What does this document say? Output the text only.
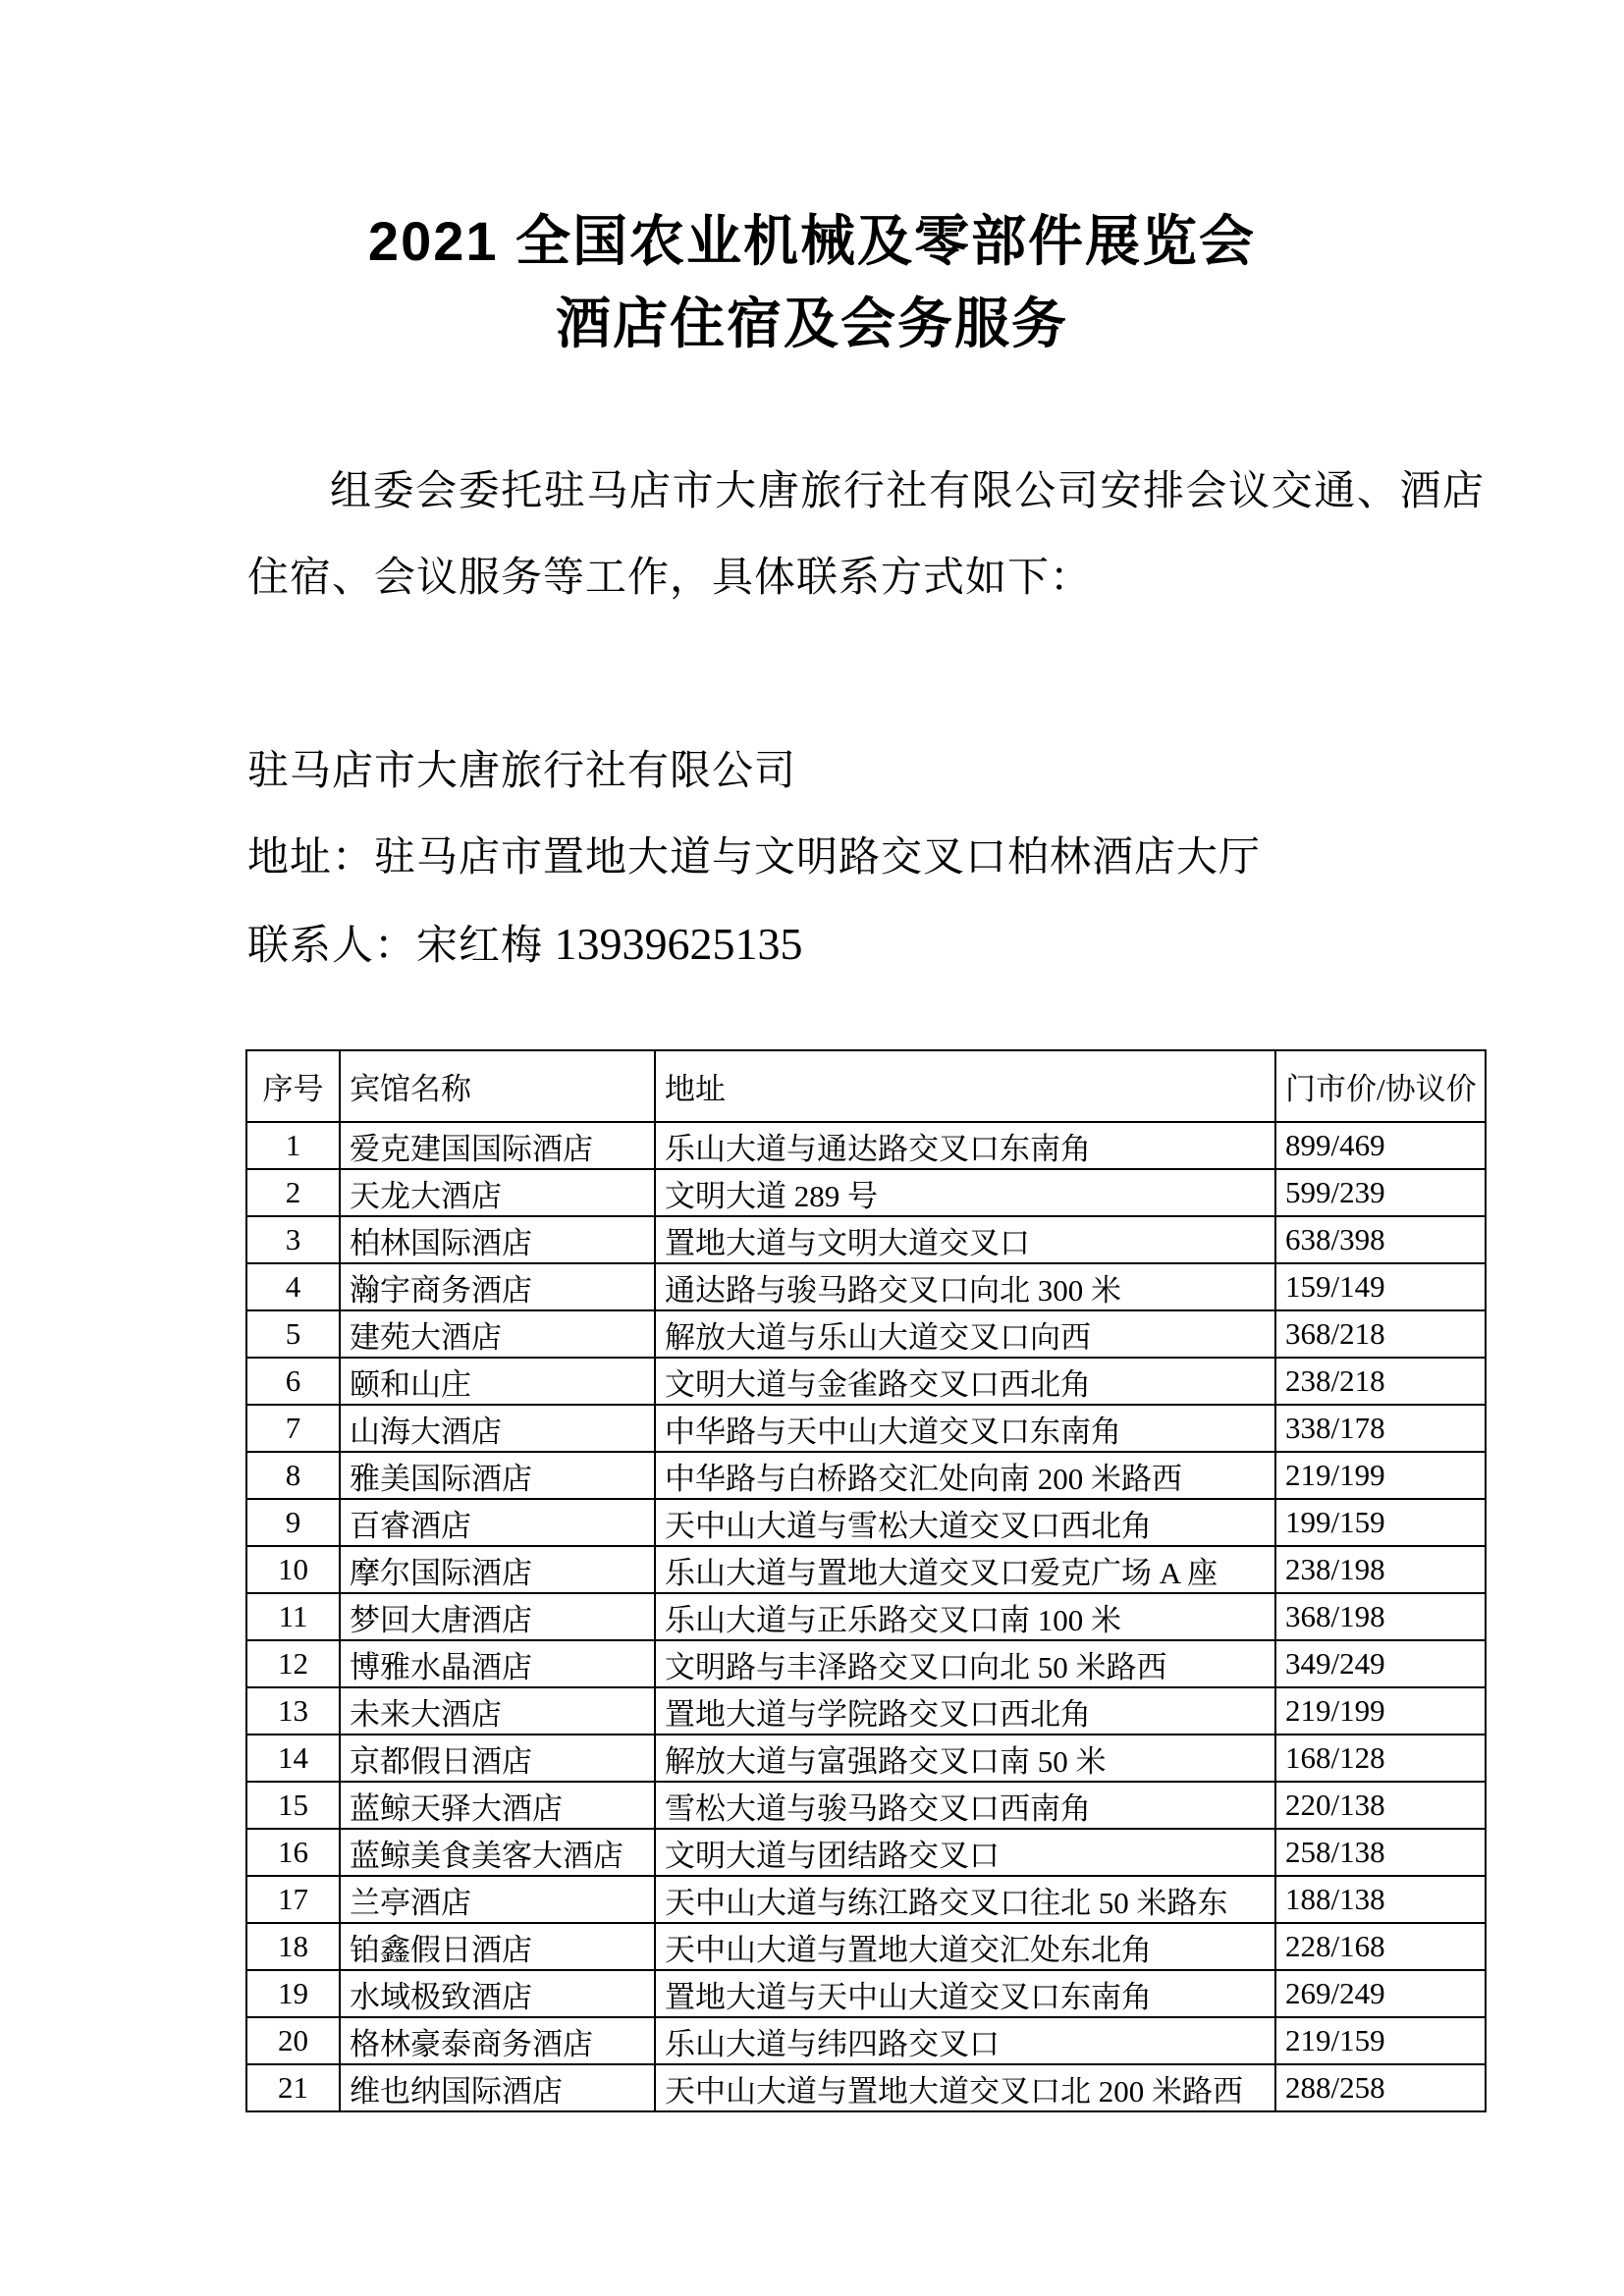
2021 全国农业机械及零部件展览会
酒店住宿及会务服务

组委会委托驻马店市大唐旅行社有限公司安排会议交通、酒店住宿、会议服务等工作，具体联系方式如下：

驻马店市大唐旅行社有限公司

地址：驻马店市置地大道与文明路交叉口柏林酒店大厅

联系人：宋红梅 13939625135

序号	宾馆名称	地址	门市价/协议价
1	爱克建国国际酒店	乐山大道与通达路交叉口东南角	899/469
2	天龙大酒店	文明大道 289 号	599/239
3	柏林国际酒店	置地大道与文明大道交叉口	638/398
4	瀚宇商务酒店	通达路与骏马路交叉口向北 300 米	159/149
5	建苑大酒店	解放大道与乐山大道交叉口向西	368/218
6	颐和山庄	文明大道与金雀路交叉口西北角	238/218
7	山海大酒店	中华路与天中山大道交叉口东南角	338/178
8	雅美国际酒店	中华路与白桥路交汇处向南 200 米路西	219/199
9	百睿酒店	天中山大道与雪松大道交叉口西北角	199/159
10	摩尔国际酒店	乐山大道与置地大道交叉口爱克广场 A 座	238/198
11	梦回大唐酒店	乐山大道与正乐路交叉口南 100 米	368/198
12	博雅水晶酒店	文明路与丰泽路交叉口向北 50 米路西	349/249
13	未来大酒店	置地大道与学院路交叉口西北角	219/199
14	京都假日酒店	解放大道与富强路交叉口南 50 米	168/128
15	蓝鲸天驿大酒店	雪松大道与骏马路交叉口西南角	220/138
16	蓝鲸美食美客大酒店	文明大道与团结路交叉口	258/138
17	兰亭酒店	天中山大道与练江路交叉口往北 50 米路东	188/138
18	铂鑫假日酒店	天中山大道与置地大道交汇处东北角	228/168
19	水域极致酒店	置地大道与天中山大道交叉口东南角	269/249
20	格林豪泰商务酒店	乐山大道与纬四路交叉口	219/159
21	维也纳国际酒店	天中山大道与置地大道交叉口北 200 米路西	288/258
